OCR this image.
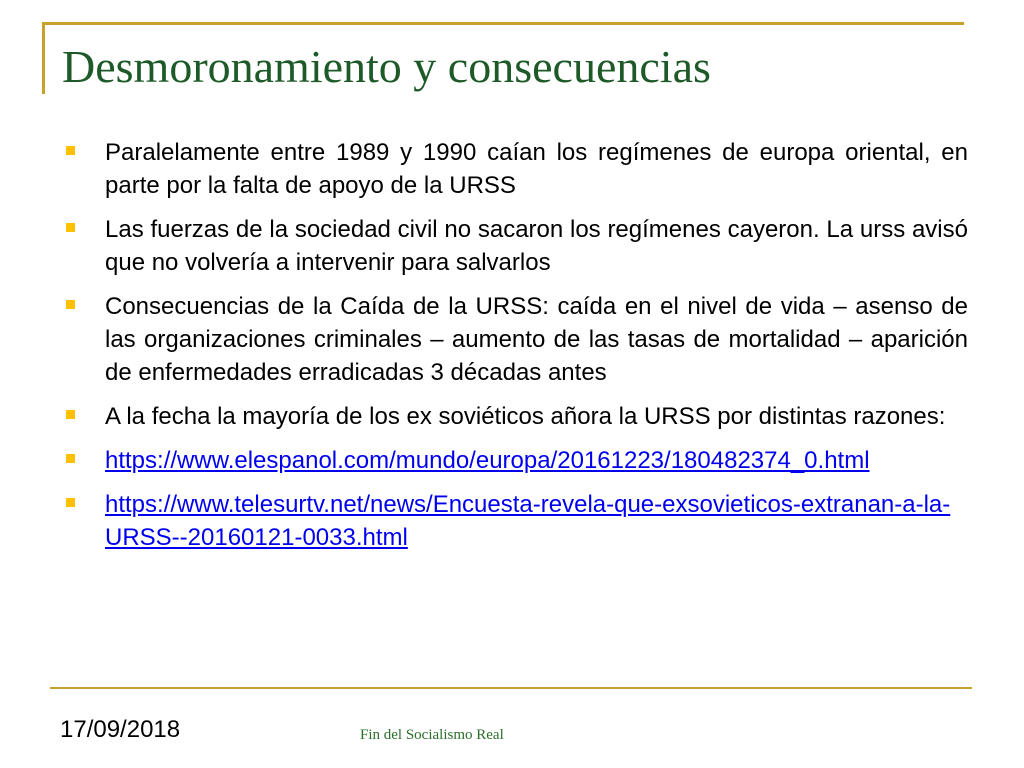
Desmoronamiento y consecuencias
Paralelamente entre 1989 y 1990 caían los regímenes de europa oriental, en parte por la falta de apoyo de la URSS
Las fuerzas de la sociedad civil no sacaron los regímenes cayeron. La urss avisó que no volvería a intervenir para salvarlos
Consecuencias de la Caída de la URSS: caída en el nivel de vida – asenso de las organizaciones criminales – aumento de las tasas de mortalidad – aparición de enfermedades erradicadas 3 décadas antes
A la fecha la mayoría de los ex soviéticos añora la URSS por distintas razones:
https://www.elespanol.com/mundo/europa/20161223/180482374_0.html
https://www.telesurtv.net/news/Encuesta-revela-que-exsovieticos-extranan-a-la-URSS--20160121-0033.html
17/09/2018	Fin del Socialismo Real
